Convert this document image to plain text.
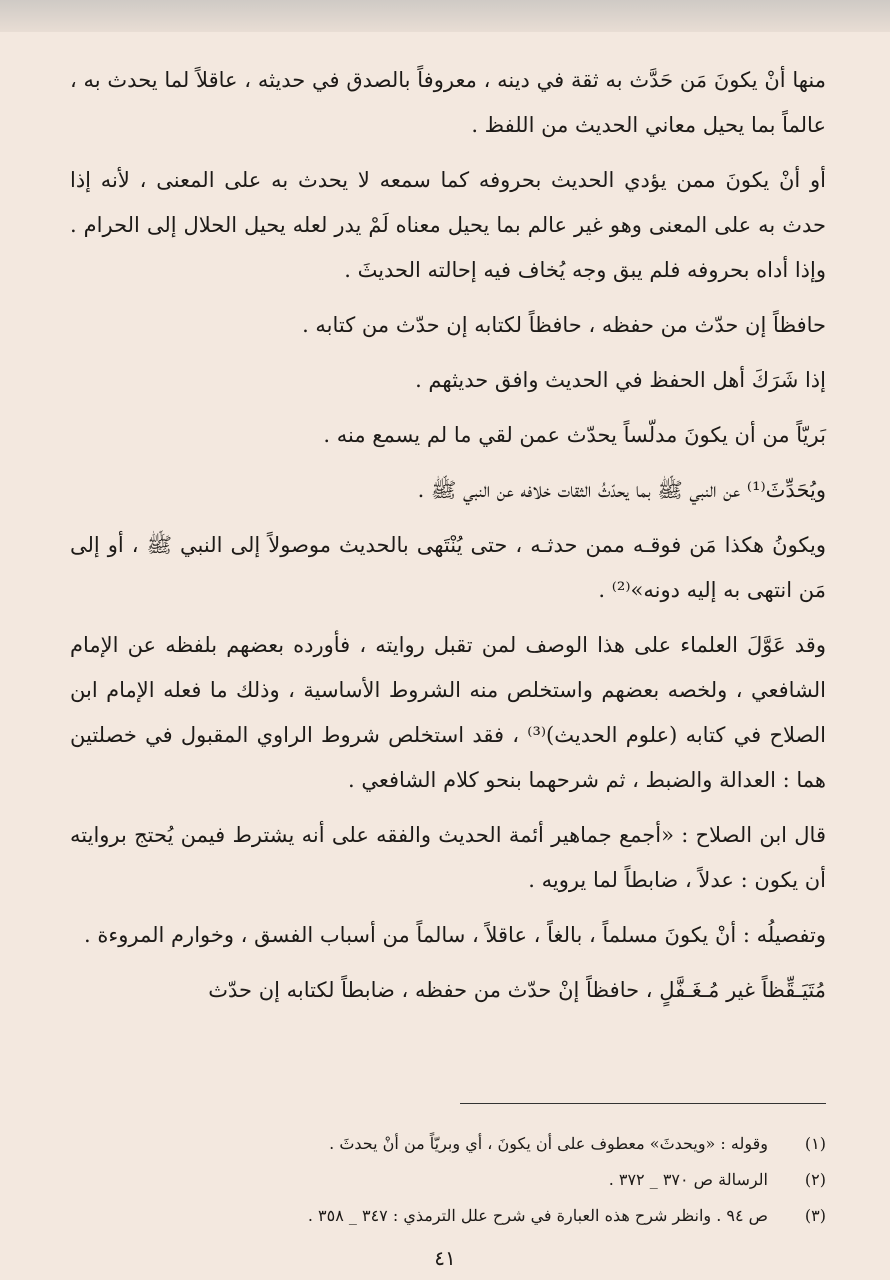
منها أنْ يكونَ مَن حَدَّث به ثقة في دينه ، معروفاً بالصدق في حديثه ، عاقلاً لما يحدث به ، عالماً بما يحيل معاني الحديث من اللفظ .

أو أنْ يكونَ ممن يؤدي الحديث بحروفه كما سمعه لا يحدث به على المعنى ، لأنه إذا حدث به على المعنى وهو غير عالم بما يحيل معناه لَمْ يدر لعله يحيل الحلال إلى الحرام . وإذا أداه بحروفه فلم يبق وجه يُخاف فيه إحالته الحديثَ .

حافظاً إن حدّث من حفظه ، حافظاً لكتابه إن حدّث من كتابه .

إذا شَرَكَ أهل الحفظ في الحديث وافق حديثهم .

بَريّاً من أن يكونَ مدلّساً يحدّث عمن لقي ما لم يسمع منه .

ويُحَدِّثَ⁽¹⁾ عن النبي ﷺ بما يحدّثُ الثقات خلافه عن النبي ﷺ .

ويكونُ هكذا مَن فوقـه ممن حدثـه ، حتى يُنْتَهى بالحديث موصولاً إلى النبي ﷺ ، أو إلى مَن انتهى به إليه دونه»⁽²⁾ .

وقد عَوَّلَ العلماء على هذا الوصف لمن تقبل روايته ، فأورده بعضهم بلفظه عن الإمام الشافعي ، ولخصه بعضهم واستخلص منه الشروط الأساسية ، وذلك ما فعله الإمام ابن الصلاح في كتابه (علوم الحديث)⁽³⁾ ، فقد استخلص شروط الراوي المقبول في خصلتين هما : العدالة والضبط ، ثم شرحهما بنحو كلام الشافعي .

قال ابن الصلاح : «أجمع جماهير أئمة الحديث والفقه على أنه يشترط فيمن يُحتج بروايته أن يكون : عدلاً ، ضابطاً لما يرويه .

وتفصيلُه : أنْ يكونَ مسلماً ، بالغاً ، عاقلاً ، سالماً من أسباب الفسق ، وخوارم المروءة .

مُتَيَـقِّظاً غير مُـغَـفَّلٍ ، حافظاً إنْ حدّث من حفظه ، ضابطاً لكتابه إن حدّث

(١)
وقوله : «ويحدثَ» معطوف على أن يكونَ ، أي وبريّاً من أنْ يحدثَ .
(٢)
الرسالة ص ٣٧٠ _ ٣٧٢ .
(٣)
ص ٩٤ . وانظر شرح هذه العبارة في شرح علل الترمذي : ٣٤٧ _ ٣٥٨ .
٤١
